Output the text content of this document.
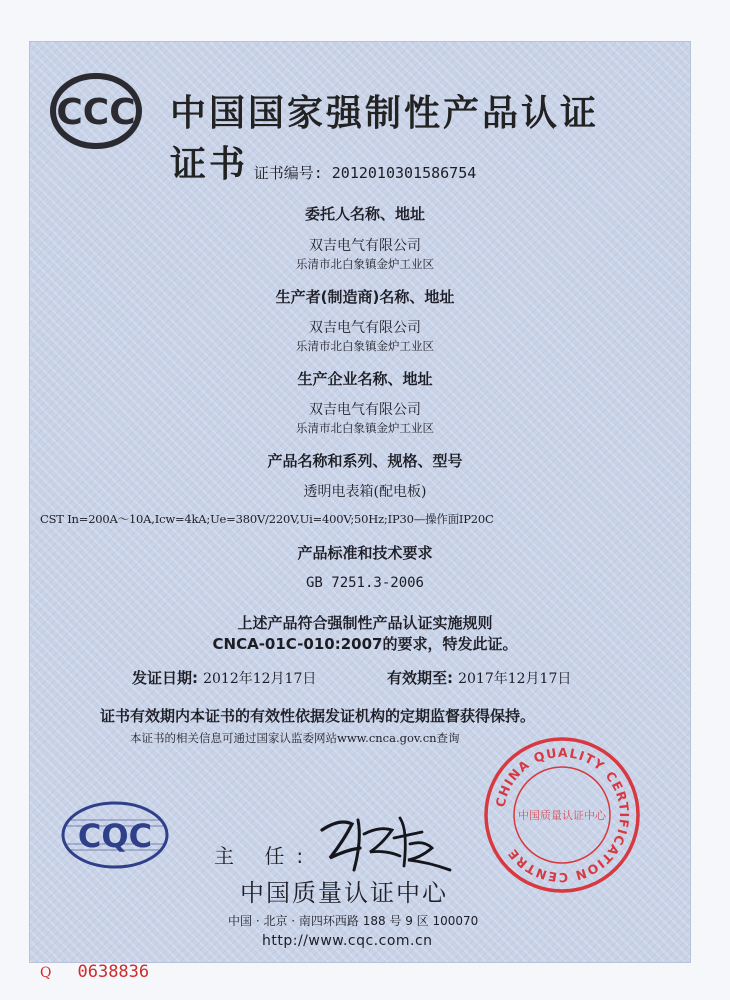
CCC 中国国家强制性产品认证证书 证书编号: 2012010301586754
委托人名称、地址
双吉电气有限公司
乐清市北白象镇金炉工业区
生产者(制造商)名称、地址
双吉电气有限公司
乐清市北白象镇金炉工业区
生产企业名称、地址
双吉电气有限公司
乐清市北白象镇金炉工业区
产品名称和系列、规格、型号
透明电表箱(配电板)
CST In=200A～10A,Icw=4kA;Ue=380V/220V,Ui=400V;50Hz;IP30—操作面IP20C
产品标准和技术要求
GB 7251.3-2006
上述产品符合强制性产品认证实施规则
CNCA-01C-010:2007的要求，特发此证。
发证日期: 2012年12月17日	有效期至: 2017年12月17日
证书有效期内本证书的有效性依据发证机构的定期监督获得保持。
本证书的相关信息可通过国家认监委网站www.cnca.gov.cn查询
CQC
主 任:
中国质量认证中心
中国 · 北京 · 南四环西路 188 号 9 区 100070
http://www.cqc.com.cn
CHINA QUALITY CERTIFICATION CENTRE
中国质量认证中心
Q 0638836
